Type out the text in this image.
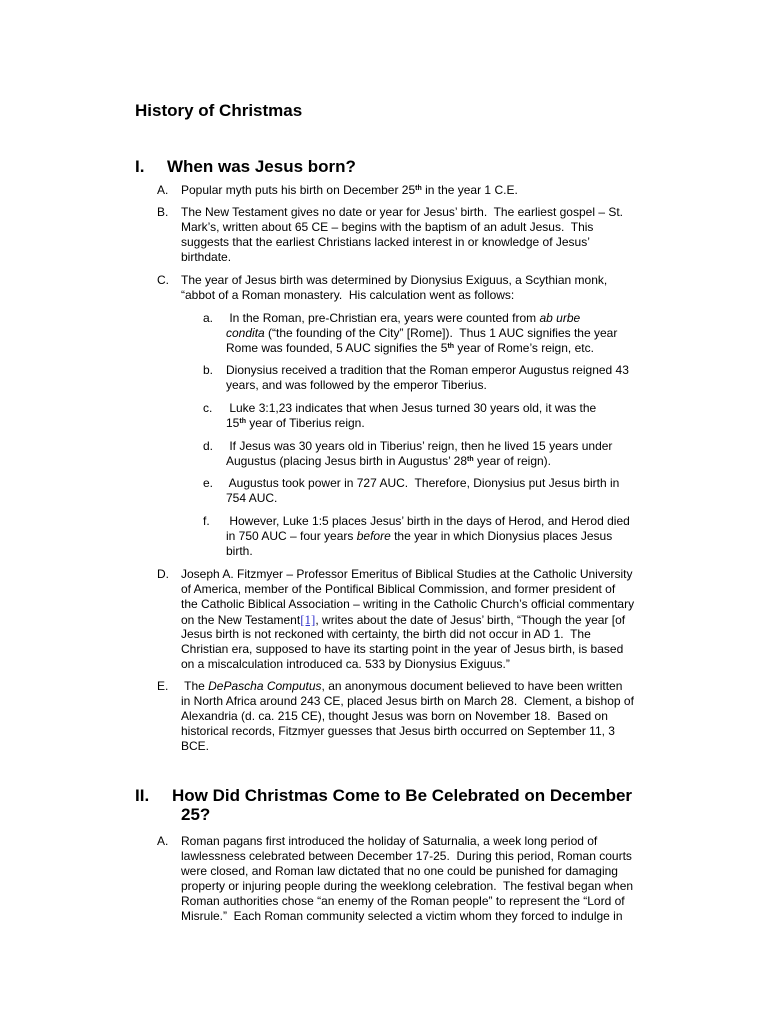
History of Christmas
I. When was Jesus born?
A. Popular myth puts his birth on December 25th in the year 1 C.E.
B. The New Testament gives no date or year for Jesus’ birth.  The earliest gospel – St.
Mark’s, written about 65 CE – begins with the baptism of an adult Jesus.  This
suggests that the earliest Christians lacked interest in or knowledge of Jesus’
birthdate.
C. The year of Jesus birth was determined by Dionysius Exiguus, a Scythian monk,
“abbot of a Roman monastery.  His calculation went as follows:
a. In the Roman, pre-Christian era, years were counted from ab urbe
condita (“the founding of the City” [Rome]).  Thus 1 AUC signifies the year
Rome was founded, 5 AUC signifies the 5th year of Rome’s reign, etc.
b. Dionysius received a tradition that the Roman emperor Augustus reigned 43
years, and was followed by the emperor Tiberius.
c. Luke 3:1,23 indicates that when Jesus turned 30 years old, it was the
15th year of Tiberius reign.
d. If Jesus was 30 years old in Tiberius’ reign, then he lived 15 years under
Augustus (placing Jesus birth in Augustus’ 28th year of reign).
e. Augustus took power in 727 AUC.  Therefore, Dionysius put Jesus birth in
754 AUC.
f. However, Luke 1:5 places Jesus’ birth in the days of Herod, and Herod died
in 750 AUC – four years before the year in which Dionysius places Jesus
birth.
D. Joseph A. Fitzmyer – Professor Emeritus of Biblical Studies at the Catholic University
of America, member of the Pontifical Biblical Commission, and former president of
the Catholic Biblical Association – writing in the Catholic Church’s official commentary
on the New Testament[1], writes about the date of Jesus’ birth, “Though the year [of
Jesus birth is not reckoned with certainty, the birth did not occur in AD 1.  The
Christian era, supposed to have its starting point in the year of Jesus birth, is based
on a miscalculation introduced ca. 533 by Dionysius Exiguus.”
E. The DePascha Computus, an anonymous document believed to have been written
in North Africa around 243 CE, placed Jesus birth on March 28.  Clement, a bishop of
Alexandria (d. ca. 215 CE), thought Jesus was born on November 18.  Based on
historical records, Fitzmyer guesses that Jesus birth occurred on September 11, 3
BCE.
II. How Did Christmas Come to Be Celebrated on December
25?
A. Roman pagans first introduced the holiday of Saturnalia, a week long period of
lawlessness celebrated between December 17-25.  During this period, Roman courts
were closed, and Roman law dictated that no one could be punished for damaging
property or injuring people during the weeklong celebration.  The festival began when
Roman authorities chose “an enemy of the Roman people” to represent the “Lord of
Misrule.”  Each Roman community selected a victim whom they forced to indulge in
